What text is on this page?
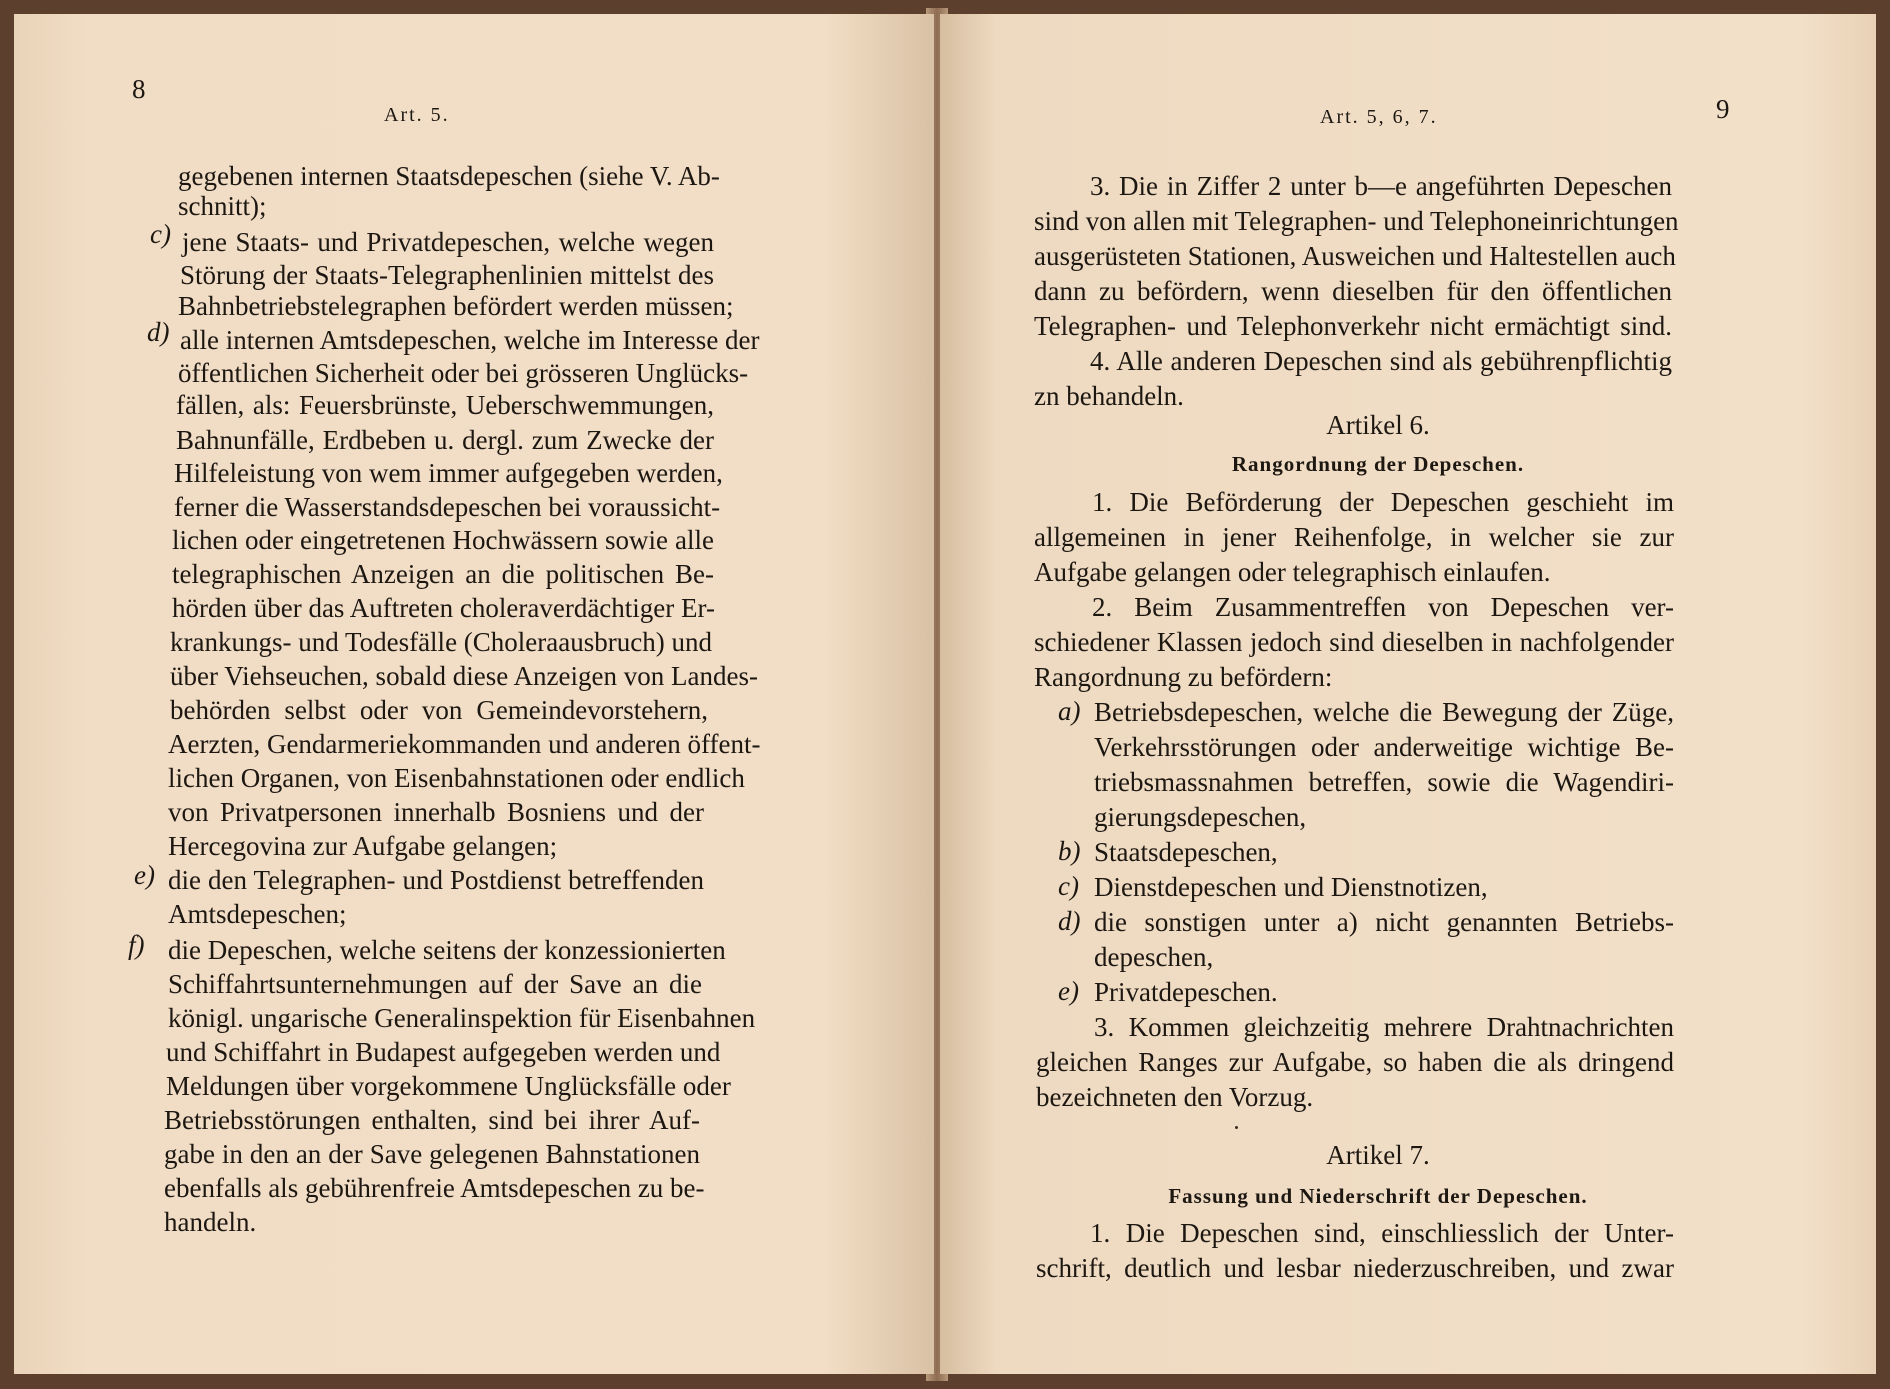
8
Art. 5.
gegebenen internen Staatsdepeschen (siehe V. Ab-
schnitt);
c) jene Staats- und Privatdepeschen, welche wegen
Störung der Staats-Telegraphenlinien mittelst des
Bahnbetriebstelegraphen befördert werden müssen;
d) alle internen Amtsdepeschen, welche im Interesse der
öffentlichen Sicherheit oder bei grösseren Unglücks-
fällen, als: Feuersbrünste, Ueberschwemmungen,
Bahnunfälle, Erdbeben u. dergl. zum Zwecke der
Hilfeleistung von wem immer aufgegeben werden,
ferner die Wasserstandsdepeschen bei voraussicht-
lichen oder eingetretenen Hochwässern sowie alle
telegraphischen Anzeigen an die politischen Be-
hörden über das Auftreten choleraverdächtiger Er-
krankungs- und Todesfälle (Choleraausbruch) und
über Viehseuchen, sobald diese Anzeigen von Landes-
behörden selbst oder von Gemeindevorstehern,
Aerzten, Gendarmeriekommanden und anderen öffent-
lichen Organen, von Eisenbahnstationen oder endlich
von Privatpersonen innerhalb Bosniens und der
Hercegovina zur Aufgabe gelangen;
e) die den Telegraphen- und Postdienst betreffenden
Amtsdepeschen;
f) die Depeschen, welche seitens der konzessionierten
Schiffahrtsunternehmungen auf der Save an die
königl. ungarische Generalinspektion für Eisenbahnen
und Schiffahrt in Budapest aufgegeben werden und
Meldungen über vorgekommene Unglücksfälle oder
Betriebsstörungen enthalten, sind bei ihrer Auf-
gabe in den an der Save gelegenen Bahnstationen
ebenfalls als gebührenfreie Amtsdepeschen zu be-
handeln.
Art. 5, 6, 7.	9
3. Die in Ziffer 2 unter b—e angeführten Depeschen
sind von allen mit Telegraphen- und Telephoneinrichtungen
ausgerüsteten Stationen, Ausweichen und Haltestellen auch
dann zu befördern, wenn dieselben für den öffentlichen
Telegraphen- und Telephonverkehr nicht ermächtigt sind.
4. Alle anderen Depeschen sind als gebührenpflichtig
zn behandeln.
Artikel 6.
Rangordnung der Depeschen.
1. Die Beförderung der Depeschen geschieht im
allgemeinen in jener Reihenfolge, in welcher sie zur
Aufgabe gelangen oder telegraphisch einlaufen.
2. Beim Zusammentreffen von Depeschen ver-
schiedener Klassen jedoch sind dieselben in nachfolgender
Rangordnung zu befördern:
a) Betriebsdepeschen, welche die Bewegung der Züge,
Verkehrsstörungen oder anderweitige wichtige Be-
triebsmassnahmen betreffen, sowie die Wagendiri-
gierungsdepeschen,
b) Staatsdepeschen,
c) Dienstdepeschen und Dienstnotizen,
d) die sonstigen unter a) nicht genannten Betriebs-
depeschen,
e) Privatdepeschen.
3. Kommen gleichzeitig mehrere Drahtnachrichten
gleichen Ranges zur Aufgabe, so haben die als dringend
bezeichneten den Vorzug.
Artikel 7.
Fassung und Niederschrift der Depeschen.
1. Die Depeschen sind, einschliesslich der Unter-
schrift, deutlich und lesbar niederzuschreiben, und zwar
